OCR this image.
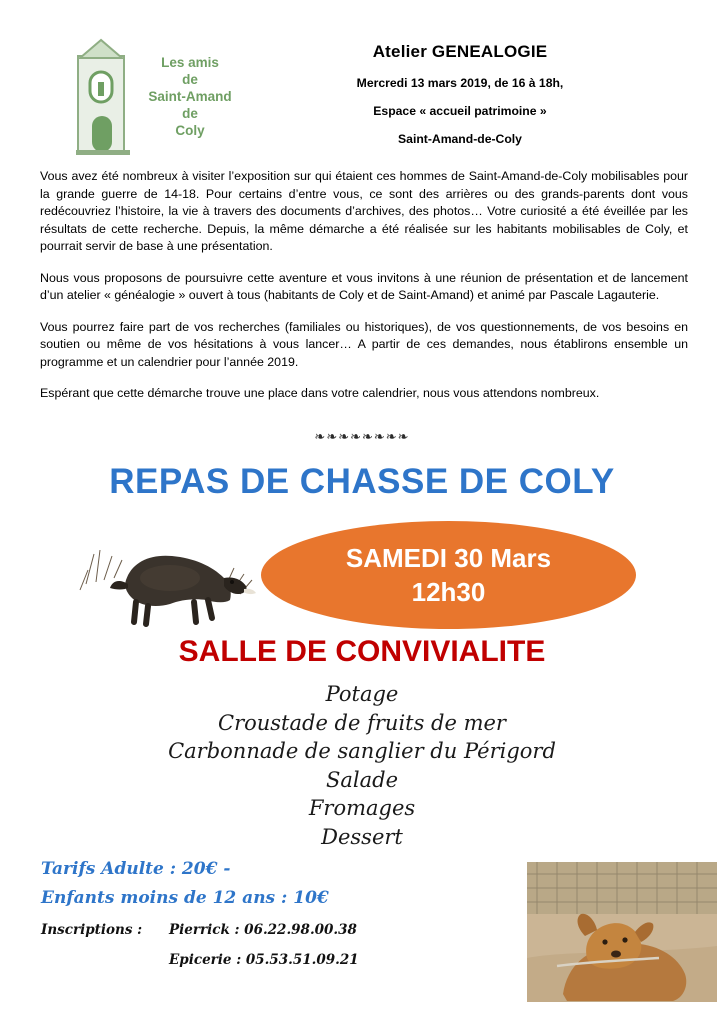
Les amis
de
Saint-Amand
de
Coly
Atelier GENEALOGIE
Mercredi 13 mars 2019, de 16 à 18h,
Espace « accueil patrimoine »
Saint-Amand-de-Coly

Vous avez été nombreux à visiter l’exposition sur qui étaient ces hommes de Saint-Amand-de-Coly mobilisables pour la grande guerre de 14-18. Pour certains d’entre vous, ce sont des arrières ou des grands-parents dont vous redécouvriez l’histoire, la vie à travers des documents d’archives, des photos… Votre curiosité a été éveillée par les résultats de cette recherche. Depuis, la même démarche a été réalisée sur les habitants mobilisables de Coly, et pourrait servir de base à une présentation.

Nous vous proposons de poursuivre cette aventure et vous invitons à une réunion de présentation et de lancement d’un atelier « généalogie » ouvert à tous (habitants de Coly et de Saint-Amand) et animé par Pascale Lagauterie.

Vous pourrez faire part de vos recherches (familiales ou historiques), de vos questionnements, de vos besoins en soutien ou même de vos hésitations à vous lancer… A partir de ces demandes, nous établirons ensemble un programme et un calendrier pour l’année 2019.

Espérant que cette démarche trouve une place dans votre calendrier, nous vous attendons nombreux.

❧❧❧❧❧❧❧❧
REPAS DE CHASSE DE COLY
SAMEDI 30 Mars
12h30
SALLE DE CONVIVIALITE
Potage
Croustade de fruits de mer
Carbonnade de sanglier du Périgord
Salade
Fromages
Dessert
Tarifs Adulte : 20€ -
Enfants moins de 12 ans : 10€
Inscriptions : Pierrick : 06.22.98.00.38
Epicerie : 05.53.51.09.21
